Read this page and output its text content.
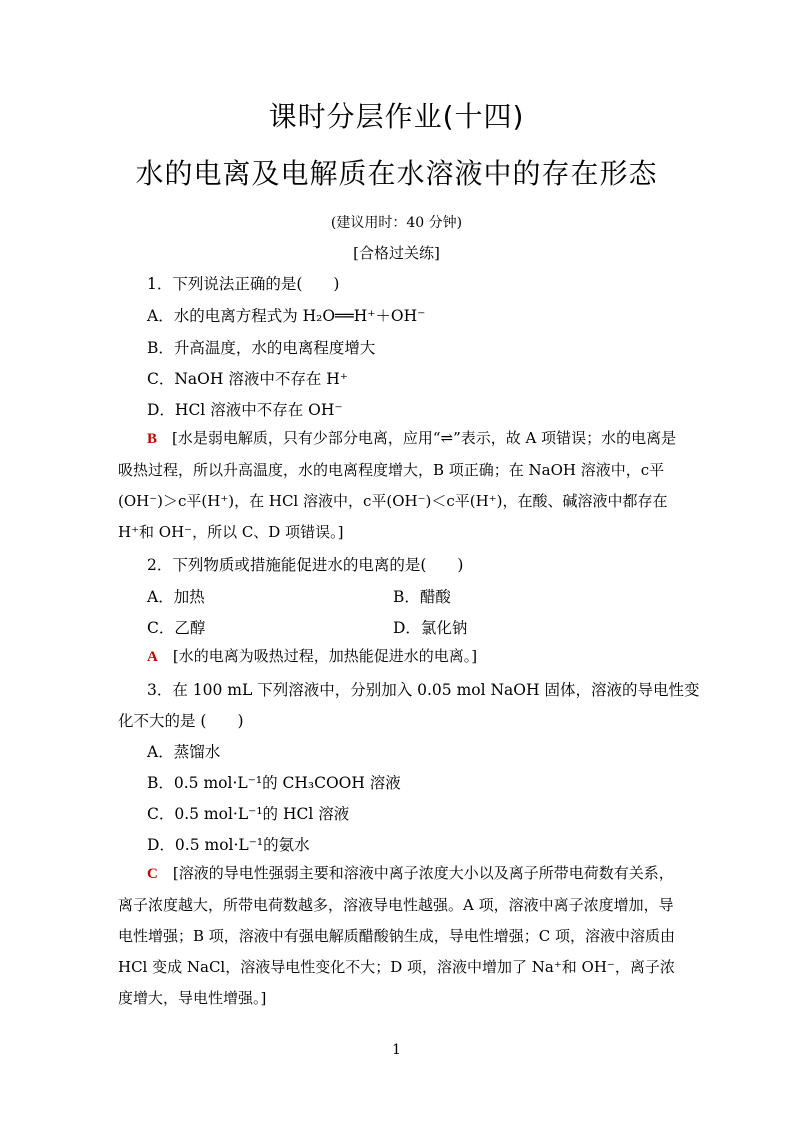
课时分层作业(十四)
水的电离及电解质在水溶液中的存在形态
(建议用时：40 分钟)
[合格过关练]
1．下列说法正确的是(　　)
A．水的电离方程式为 H₂O══H⁺＋OH⁻
B．升高温度，水的电离程度增大
C．NaOH 溶液中不存在 H⁺
D．HCl 溶液中不存在 OH⁻
B　 [水是弱电解质，只有少部分电离，应用“⇌”表示，故 A 项错误；水的电离是吸热过程，所以升高温度，水的电离程度增大，B 项正确；在 NaOH 溶液中，c平(OH⁻)＞c平(H⁺)，在 HCl 溶液中，c平(OH⁻)＜c平(H⁺)，在酸、碱溶液中都存在 H⁺和 OH⁻，所以 C、D 项错误。]
2．下列物质或措施能促进水的电离的是(　　)
A．加热	B．醋酸
C．乙醇	D．氯化钠
A　 [水的电离为吸热过程，加热能促进水的电离。]
3．在 100 mL 下列溶液中，分别加入 0.05 mol NaOH 固体，溶液的导电性变
化不大的是 (　　)
A．蒸馏水
B．0.5 mol·L⁻¹的 CH₃COOH 溶液
C．0.5 mol·L⁻¹的 HCl 溶液
D．0.5 mol·L⁻¹的氨水
C　 [溶液的导电性强弱主要和溶液中离子浓度大小以及离子所带电荷数有关系，离子浓度越大，所带电荷数越多，溶液导电性越强。A 项，溶液中离子浓度增加，导电性增强；B 项，溶液中有强电解质醋酸钠生成，导电性增强；C 项，溶液中溶质由 HCl 变成 NaCl，溶液导电性变化不大；D 项，溶液中增加了 Na⁺和 OH⁻，离子浓度增大，导电性增强。]
1
